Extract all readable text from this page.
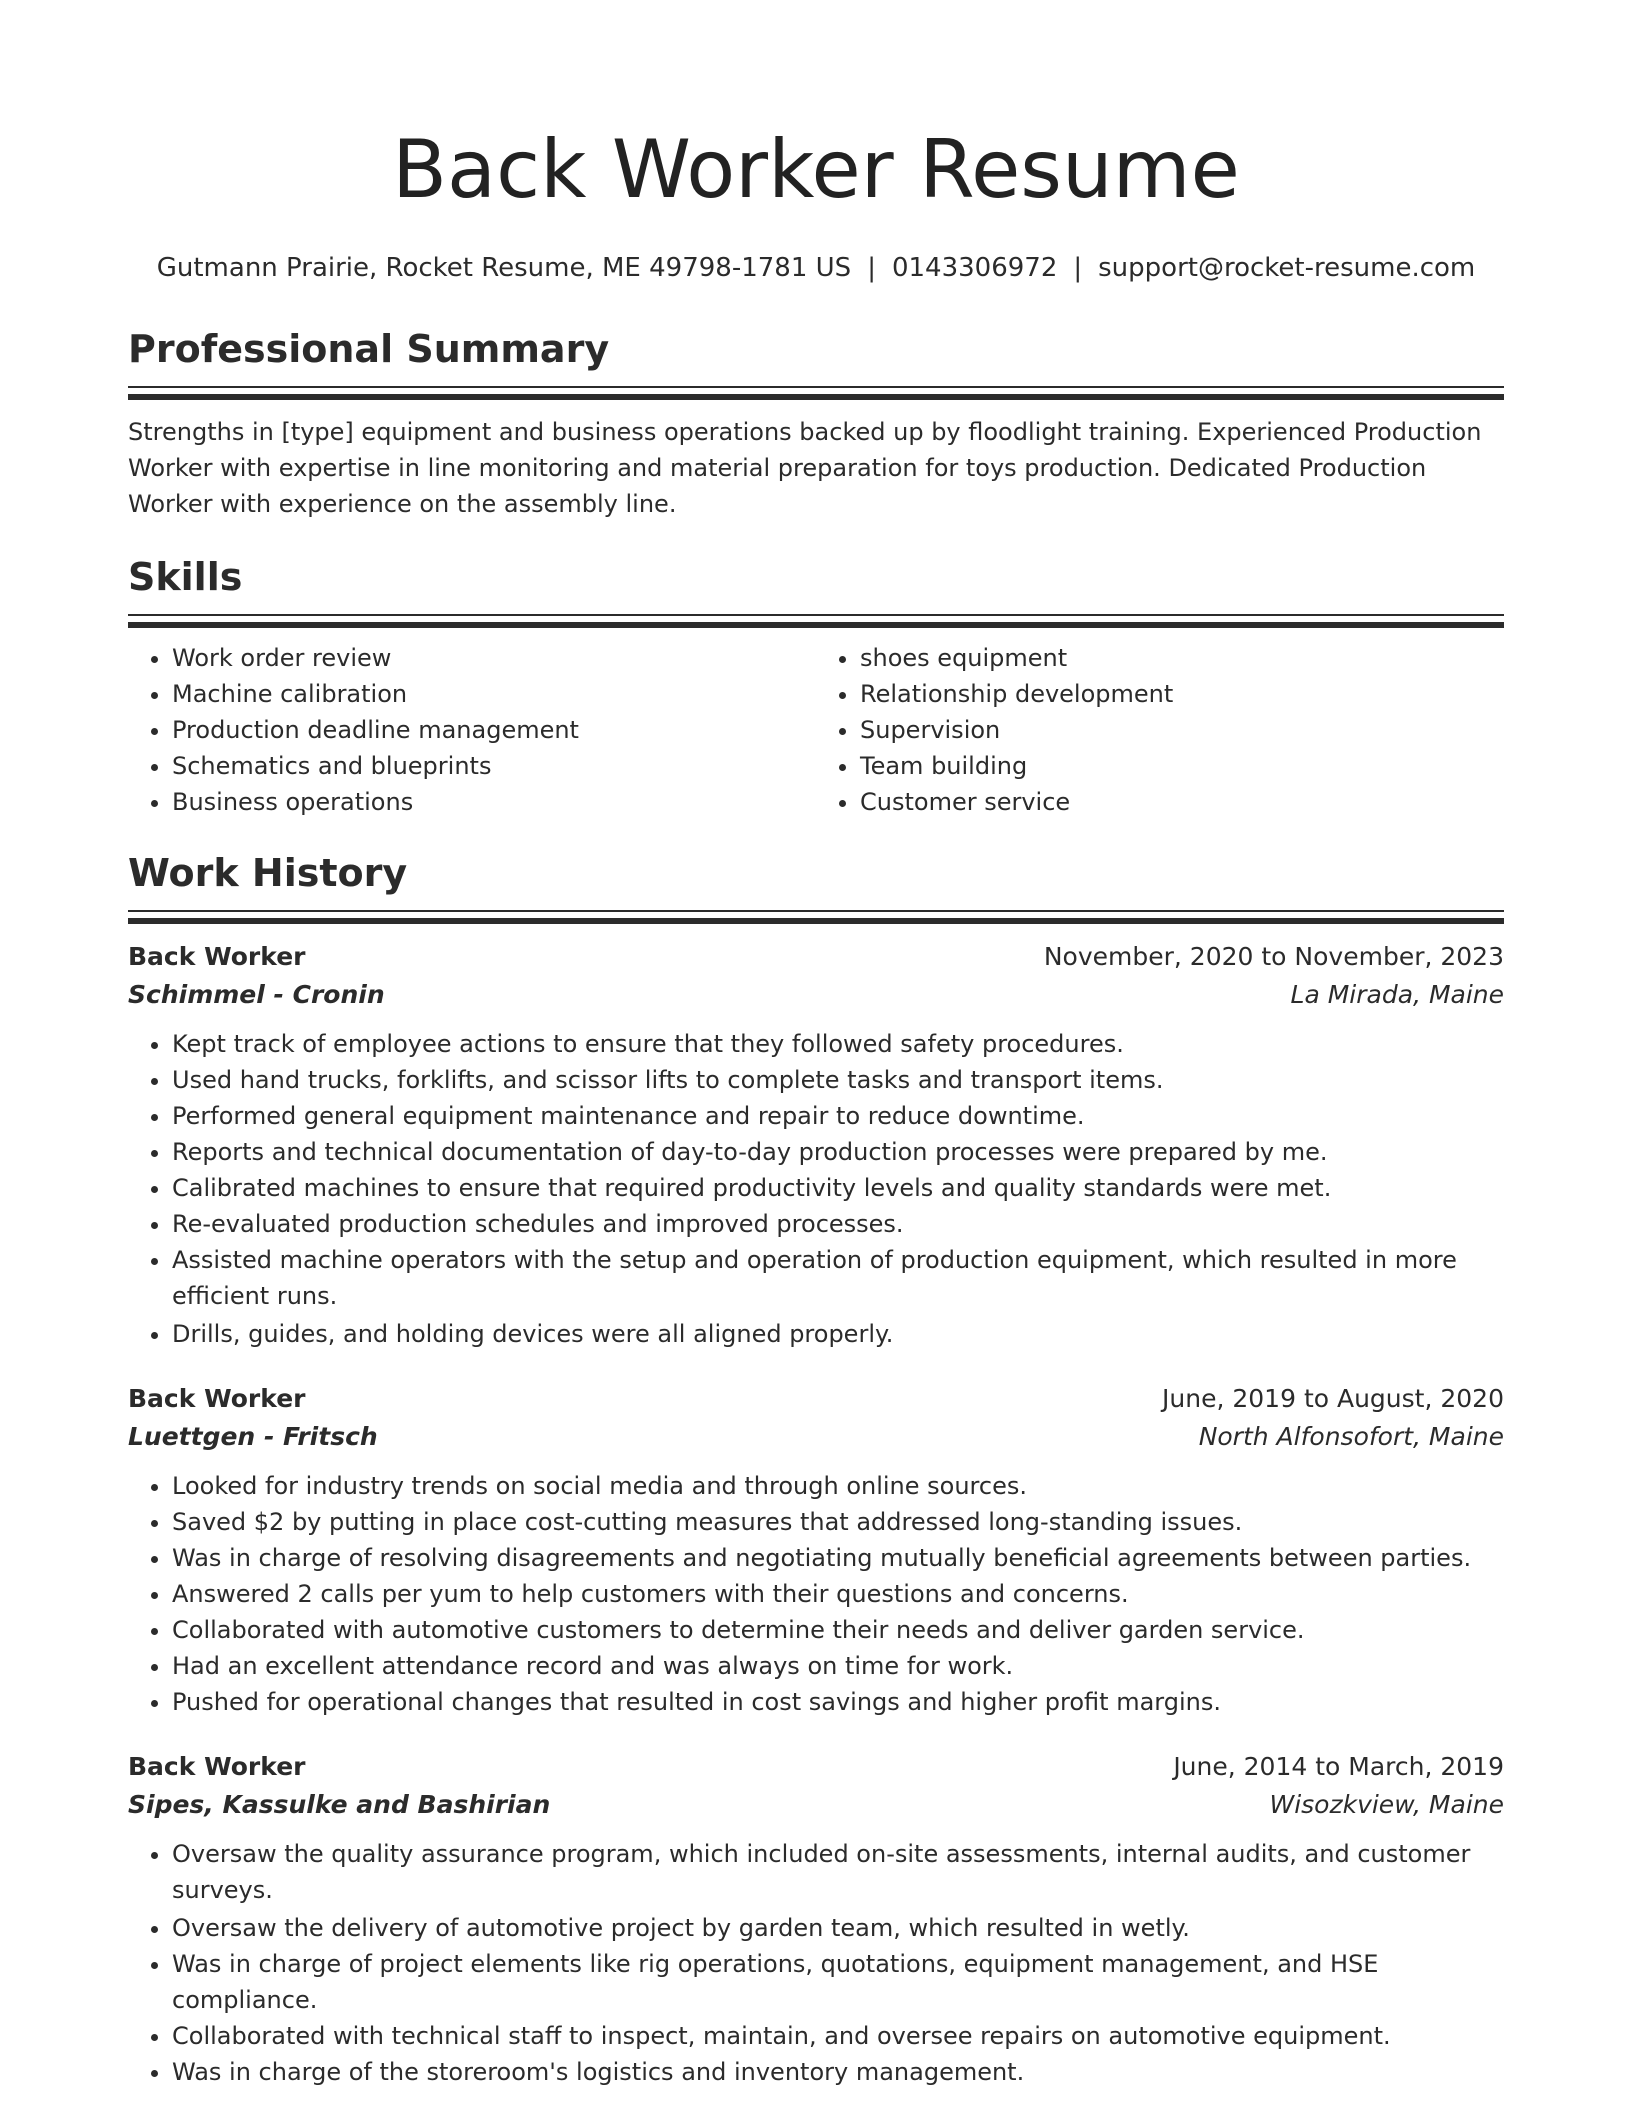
Back Worker Resume
Gutmann Prairie, Rocket Resume, ME 49798-1781 US | 0143306972 | support@rocket-resume.com
Professional Summary

Strengths in [type] equipment and business operations backed up by floodlight training. Experienced Production Worker with expertise in line monitoring and material preparation for toys production. Dedicated Production Worker with experience on the assembly line.

Skills
• Work order review
• Machine calibration
• Production deadline management
• Schematics and blueprints
• Business operations
• shoes equipment
• Relationship development
• Supervision
• Team building
• Customer service
Work History
Back Worker	November, 2020 to November, 2023
Schimmel - Cronin	La Mirada, Maine
• Kept track of employee actions to ensure that they followed safety procedures.
• Used hand trucks, forklifts, and scissor lifts to complete tasks and transport items.
• Performed general equipment maintenance and repair to reduce downtime.
• Reports and technical documentation of day-to-day production processes were prepared by me.
• Calibrated machines to ensure that required productivity levels and quality standards were met.
• Re-evaluated production schedules and improved processes.
• Assisted machine operators with the setup and operation of production equipment, which resulted in more efficient runs.
• Drills, guides, and holding devices were all aligned properly.
Back Worker	June, 2019 to August, 2020
Luettgen - Fritsch	North Alfonsofort, Maine
• Looked for industry trends on social media and through online sources.
• Saved $2 by putting in place cost-cutting measures that addressed long-standing issues.
• Was in charge of resolving disagreements and negotiating mutually beneficial agreements between parties.
• Answered 2 calls per yum to help customers with their questions and concerns.
• Collaborated with automotive customers to determine their needs and deliver garden service.
• Had an excellent attendance record and was always on time for work.
• Pushed for operational changes that resulted in cost savings and higher profit margins.
Back Worker	June, 2014 to March, 2019
Sipes, Kassulke and Bashirian	Wisozkview, Maine
• Oversaw the quality assurance program, which included on-site assessments, internal audits, and customer surveys.
• Oversaw the delivery of automotive project by garden team, which resulted in wetly.
• Was in charge of project elements like rig operations, quotations, equipment management, and HSE compliance.
• Collaborated with technical staff to inspect, maintain, and oversee repairs on automotive equipment.
• Was in charge of the storeroom's logistics and inventory management.
